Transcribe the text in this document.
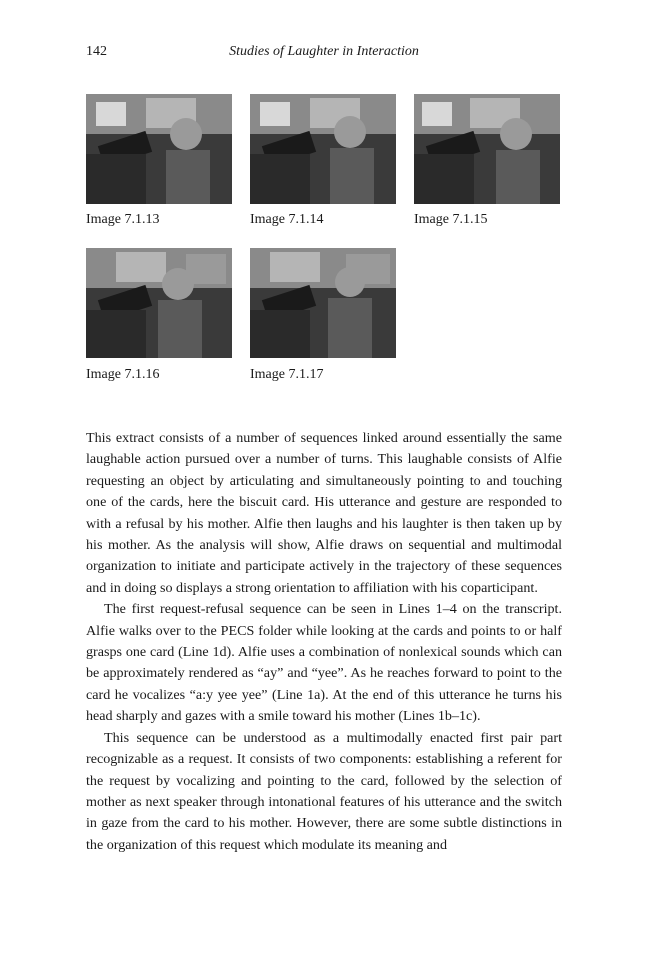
142	Studies of Laughter in Interaction
Image 7.1.13	Image 7.1.14	Image 7.1.15
Image 7.1.16	Image 7.1.17

This extract consists of a number of sequences linked around essentially the same laughable action pursued over a number of turns. This laughable consists of Alfie requesting an object by articulating and simultaneously pointing to and touching one of the cards, here the biscuit card. His utterance and gesture are responded to with a refusal by his mother. Alfie then laughs and his laughter is then taken up by his mother. As the analysis will show, Alfie draws on sequential and multimodal organization to initiate and participate actively in the trajectory of these sequences and in doing so displays a strong orientation to affiliation with his coparticipant.

The first request-refusal sequence can be seen in Lines 1–4 on the transcript. Alfie walks over to the PECS folder while looking at the cards and points to or half grasps one card (Line 1d). Alfie uses a combination of nonlexical sounds which can be approximately rendered as “ay” and “yee”. As he reaches forward to point to the card he vocalizes “a:y yee yee” (Line 1a). At the end of this utterance he turns his head sharply and gazes with a smile toward his mother (Lines 1b–1c).

This sequence can be understood as a multimodally enacted first pair part recognizable as a request. It consists of two components: establishing a referent for the request by vocalizing and pointing to the card, followed by the selection of mother as next speaker through intonational features of his utterance and the switch in gaze from the card to his mother. However, there are some subtle distinctions in the organization of this request which modulate its meaning and
